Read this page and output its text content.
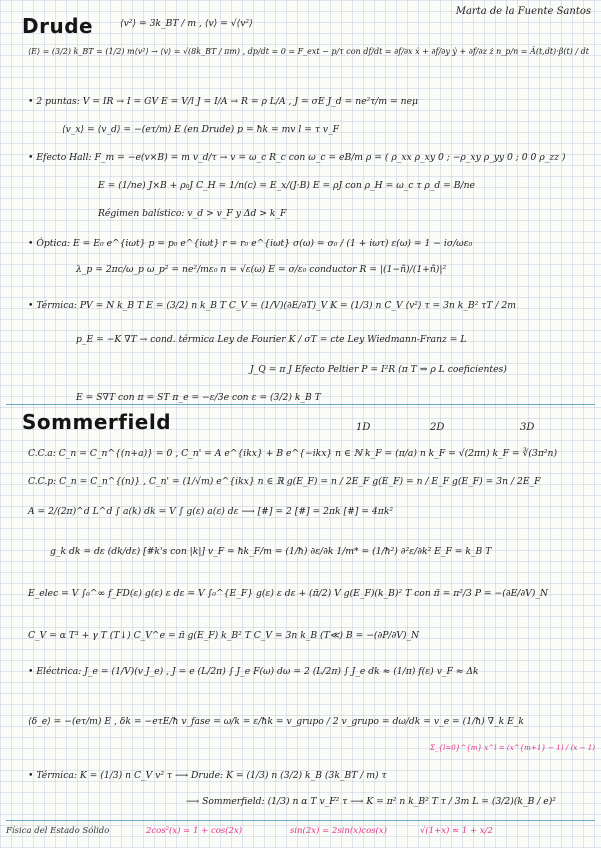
Marta de la Fuente Santos
Drude	⟨v²⟩ = 3k_BT / m , ⟨v⟩ = √⟨v²⟩
⟨E⟩ = (3/2) k_BT = (1/2) m⟨v²⟩ → ⟨v⟩ = √(8k_BT / πm) , dp/dt = 0 = F_ext − p/τ con df/dt = ∂f/∂x ẋ + ∂f/∂y ẏ + ∂f/∂z ż n_p/n = Â(t,dt)·β(t) / dt
• 2 puntas: V = IR → I = GV E = V/l J = I/A → R = ρ L/A , J = σE J_d = ne²τ/m = neμ
⟨v_x⟩ = ⟨v_d⟩ = −(eτ/m) E (en Drude) p = ħk = mv l = τ v_F
• Efecto Hall: F_m = −e(v×B) = m v_d/τ → v = ω_c R_c con ω_c = eB/m ρ = ( ρ_xx ρ_xy 0 ; −ρ_xy ρ_yy 0 ; 0 0 ρ_zz )
E = (1/ne) J×B + ρ₀J C_H = 1/n(c) = E_x/(J·B) E = ρJ con ρ_H = ω_c τ ρ_d = B/ne
Régimen balístico: v_d > v_F y Δd > k_F
• Óptica: E = E₀ e^{iωt} p = p₀ e^{iωt} r = r₀ e^{iωt} σ(ω) = σ₀ / (1 + iωτ) ε(ω) = 1 − iσ/ωε₀
λ_p = 2πc/ω_p ω_p² = ne²/mε₀ n = √ε(ω) E = σ/ε₀ conductor R = |(1−ñ)/(1+ñ)|²
• Térmica: PV = N k_B T E = (3/2) n k_B T C_V = (1/V)(∂E/∂T)_V K = (1/3) n C_V ⟨v²⟩ τ = 3n k_B² τT / 2m
p_E = −K ∇T → cond. térmica Ley de Fourier K / σT = cte Ley Wiedmann-Franz = L
J_Q = π J Efecto Peltier P = I²R (π T ⇒ ρ L coeficientes)
E = S∇T con π = ST π_e = −ε/3e con ε = (3/2) k_B T
Sommerfield	1D	2D	3D
C.C.a: C_n = C_n^{(n+a)} = 0 , C_n' = A e^{ikx} + B e^{−ikx} n ∈ ℕ k_F = (π/a) n k_F = √(2πn) k_F = ∛(3π²n)
C.C.p: C_n = C_n^{(n)} , C_n' = (1/√m) e^{ikx} n ∈ ℝ g(E_F) = n / 2E_F g(E_F) = n / E_F g(E_F) = 3n / 2E_F
A = 2/(2π)^d L^d ∫ a(k) dk = V ∫ g(ε) a(ε) dε ⟶ [#] = 2 [#] = 2πk [#] = 4πk²
g_k dk = dε (dk/dε) [#k's con |k|] v_F = ħk_F/m = (1/ħ) ∂ε/∂k 1/m* = (1/ħ²) ∂²ε/∂k² E_F = k_B T
E_elec = V ∫₀^∞ f_FD(ε) g(ε) ε dε = V ∫₀^{E_F} g(ε) ε dε + (π̃/2) V g(E_F)(k_B)² T con π̃ = π²/3 P = −(∂E/∂V)_N
C_V = α T³ + γ T (T↓) C_V^e = π̃ g(E_F) k_B² T C_V = 3n k_B (T≪) B = −(∂P/∂V)_N
• Eléctrica: J_e = (1/V)(v J_e) , J = e (L/2π) ∫ J_e F(ω) dω = 2 (L/2π) ∫ J_e dk ≈ (1/π) f(ε) v_F ≈ Δk
⟨δ_e⟩ = −(eτ/m) E , δk = −eτE/ħ v_fase = ω/k = ε/ħk = v_grupo / 2 v_grupo = dω/dk = v_e = (1/ħ) ∇_k E_k
Σ_{l=0}^{m} x^l = (x^{m+1} − 1) / (x − 1)
• Térmica: K = (1/3) n C_V v² τ ⟶ Drude: K = (1/3) n (3/2) k_B (3k_BT / m) τ
⟶ Sommerfield: (1/3) n α T v_F² τ ⟶ K = π² n k_B² T τ / 3m L = (3/2)(k_B / e)²
Física del Estado Sólido	2cos²(x) = 1 + cos(2x)	sin(2x) = 2sin(x)cos(x)	√(1+x) ≈ 1 + x/2
